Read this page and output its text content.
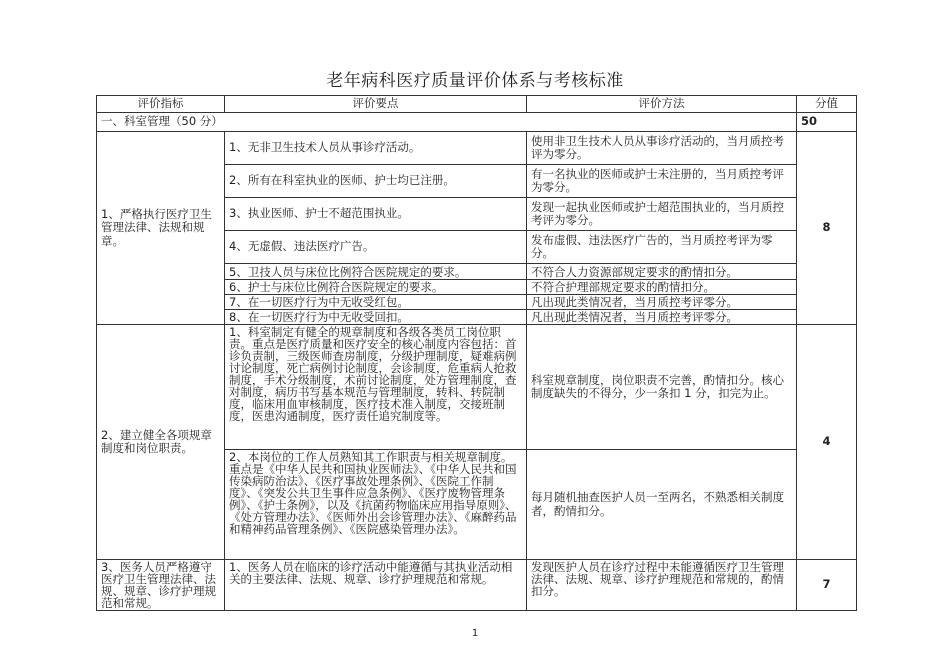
老年病科医疗质量评价体系与考核标准
评价指标	评价要点	评价方法	分值
一、科室管理（50 分）			50
1、严格执行医疗卫生管理法律、法规和规章。	1、无非卫生技术人员从事诊疗活动。	使用非卫生技术人员从事诊疗活动的，当月质控考评为零分。	8
	2、所有在科室执业的医师、护士均已注册。	有一名执业的医师或护士未注册的，当月质控考评为零分。	
	3、执业医师、护士不超范围执业。	发现一起执业医师或护士超范围执业的，当月质控考评为零分。	
	4、无虚假、违法医疗广告。	发布虚假、违法医疗广告的，当月质控考评为零分。	
	5、卫技人员与床位比例符合医院规定的要求。	不符合人力资源部规定要求的酌情扣分。	
	6、护士与床位比例符合医院规定的要求。	不符合护理部规定要求的酌情扣分。	
	7、在一切医疗行为中无收受红包。	凡出现此类情况者，当月质控考评零分。	
	8、在一切医疗行为中无收受回扣。	凡出现此类情况者，当月质控考评零分。	
2、建立健全各项规章制度和岗位职责。	1、科室制定有健全的规章制度和各级各类员工岗位职责。重点是医疗质量和医疗安全的核心制度内容包括：首诊负责制，三级医师查房制度，分级护理制度，疑难病例讨论制度，死亡病例讨论制度，会诊制度，危重病人抢救制度，手术分级制度，术前讨论制度，处方管理制度，查对制度，病历书写基本规范与管理制度，转科、转院制度，临床用血审核制度，医疗技术准入制度，交接班制度，医患沟通制度，医疗责任追究制度等。	科室规章制度，岗位职责不完善，酌情扣分。核心制度缺失的不得分，少一条扣 1 分，扣完为止。	4
	2、本岗位的工作人员熟知其工作职责与相关规章制度。重点是《中华人民共和国执业医师法》、《中华人民共和国传染病防治法》、《医疗事故处理条例》、《医院工作制度》、《突发公共卫生事件应急条例》、《医疗废物管理条例》、《护士条例》，以及《抗菌药物临床应用指导原则》、《处方管理办法》、《医师外出会诊管理办法》、《麻醉药品和精神药品管理条例》、《医院感染管理办法》。	每月随机抽查医护人员一至两名，不熟悉相关制度者，酌情扣分。	
3、医务人员严格遵守医疗卫生管理法律、法规、规章、诊疗护理规范和常规。	1、医务人员在临床的诊疗活动中能遵循与其执业活动相关的主要法律、法规、规章、诊疗护理规范和常规。	发现医护人员在诊疗过程中未能遵循医疗卫生管理法律、法规、规章、诊疗护理规范和常规的，酌情扣分。	7
1
